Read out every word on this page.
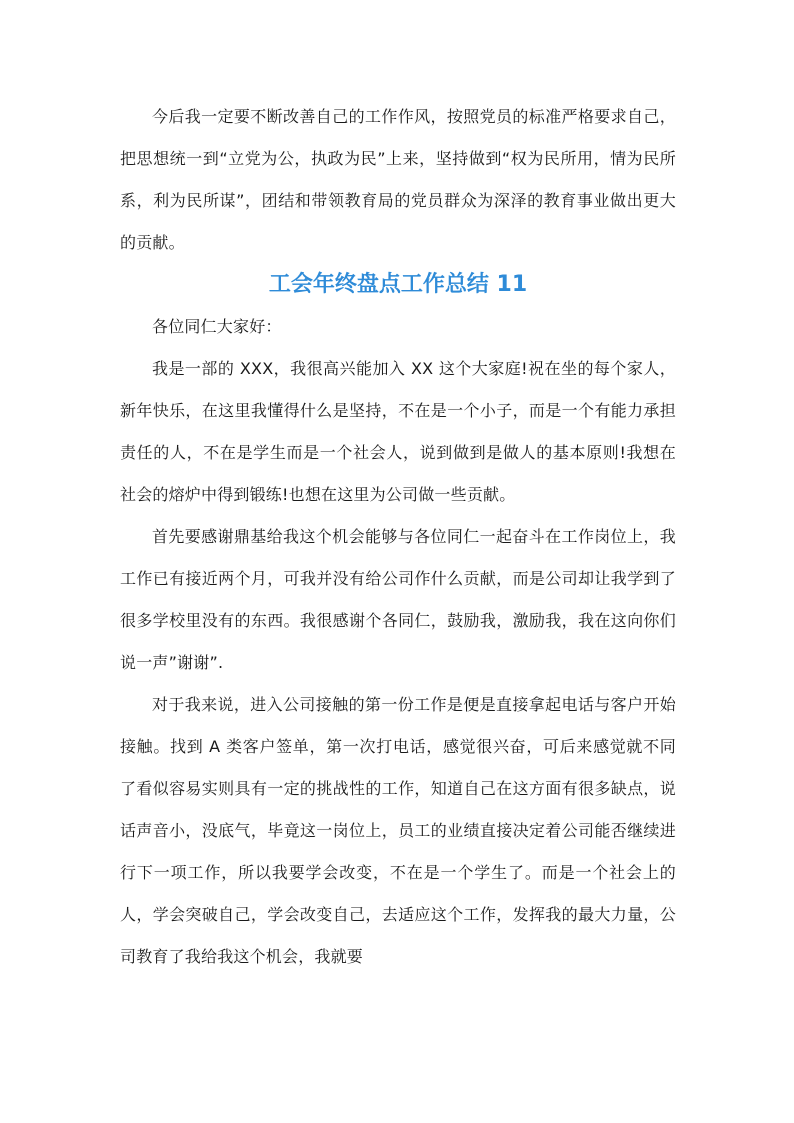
今后我一定要不断改善自己的工作作风，按照党员的标准严格要求自己，把思想统一到“立党为公，执政为民”上来，坚持做到“权为民所用，情为民所系，利为民所谋”，团结和带领教育局的党员群众为深泽的教育事业做出更大的贡献。

工会年终盘点工作总结 11

各位同仁大家好：

我是一部的 XXX，我很高兴能加入 XX 这个大家庭!祝在坐的每个家人，新年快乐，在这里我懂得什么是坚持，不在是一个小子，而是一个有能力承担责任的人，不在是学生而是一个社会人，说到做到是做人的基本原则!我想在社会的熔炉中得到锻练!也想在这里为公司做一些贡献。

首先要感谢鼎基给我这个机会能够与各位同仁一起奋斗在工作岗位上，我工作已有接近两个月，可我并没有给公司作什么贡献，而是公司却让我学到了很多学校里没有的东西。我很感谢个各同仁，鼓励我，激励我，我在这向你们说一声”谢谢”.

对于我来说，进入公司接触的第一份工作是便是直接拿起电话与客户开始接触。找到 A 类客户签单，第一次打电话，感觉很兴奋，可后来感觉就不同了看似容易实则具有一定的挑战性的工作，知道自己在这方面有很多缺点，说话声音小，没底气，毕竟这一岗位上，员工的业绩直接决定着公司能否继续进行下一项工作，所以我要学会改变，不在是一个学生了。而是一个社会上的人，学会突破自己，学会改变自己，去适应这个工作，发挥我的最大力量，公司教育了我给我这个机会，我就要
